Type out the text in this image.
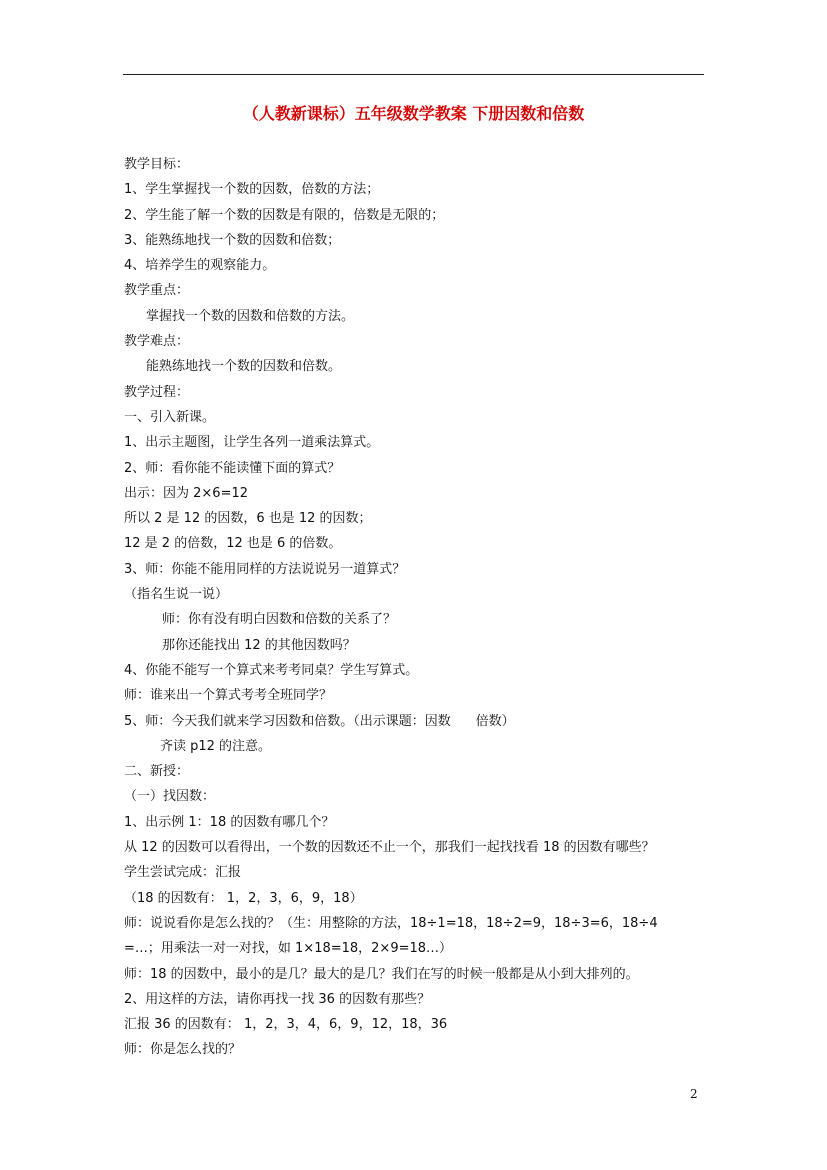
（人教新课标）五年级数学教案 下册因数和倍数
教学目标：
1、学生掌握找一个数的因数，倍数的方法；
2、学生能了解一个数的因数是有限的，倍数是无限的；
3、能熟练地找一个数的因数和倍数；
4、培养学生的观察能力。
教学重点：
掌握找一个数的因数和倍数的方法。
教学难点：
能熟练地找一个数的因数和倍数。
教学过程：
一、引入新课。
1、出示主题图，让学生各列一道乘法算式。
2、师：看你能不能读懂下面的算式？
出示：因为 2×6=12
所以 2 是 12 的因数，6 也是 12 的因数；
12 是 2 的倍数，12 也是 6 的倍数。
3、师：你能不能用同样的方法说说另一道算式？
（指名生说一说）
师：你有没有明白因数和倍数的关系了？
那你还能找出 12 的其他因数吗？
4、你能不能写一个算式来考考同桌？学生写算式。
师：谁来出一个算式考考全班同学？
5、师：今天我们就来学习因数和倍数。（出示课题：因数      倍数）
齐读 p12 的注意。
二、新授：
（一）找因数：
1、出示例 1：18 的因数有哪几个？
从 12 的因数可以看得出，一个数的因数还不止一个，那我们一起找找看 18 的因数有哪些？
学生尝试完成：汇报
（18 的因数有： 1，2，3，6，9，18）
师：说说看你是怎么找的？（生：用整除的方法，18÷1=18，18÷2=9，18÷3=6，18÷4
=…；用乘法一对一对找，如 1×18=18，2×9=18…）
师：18 的因数中，最小的是几？最大的是几？我们在写的时候一般都是从小到大排列的。
2、用这样的方法，请你再找一找 36 的因数有那些？
汇报 36 的因数有： 1，2，3，4，6，9，12，18，36
师：你是怎么找的？
2
